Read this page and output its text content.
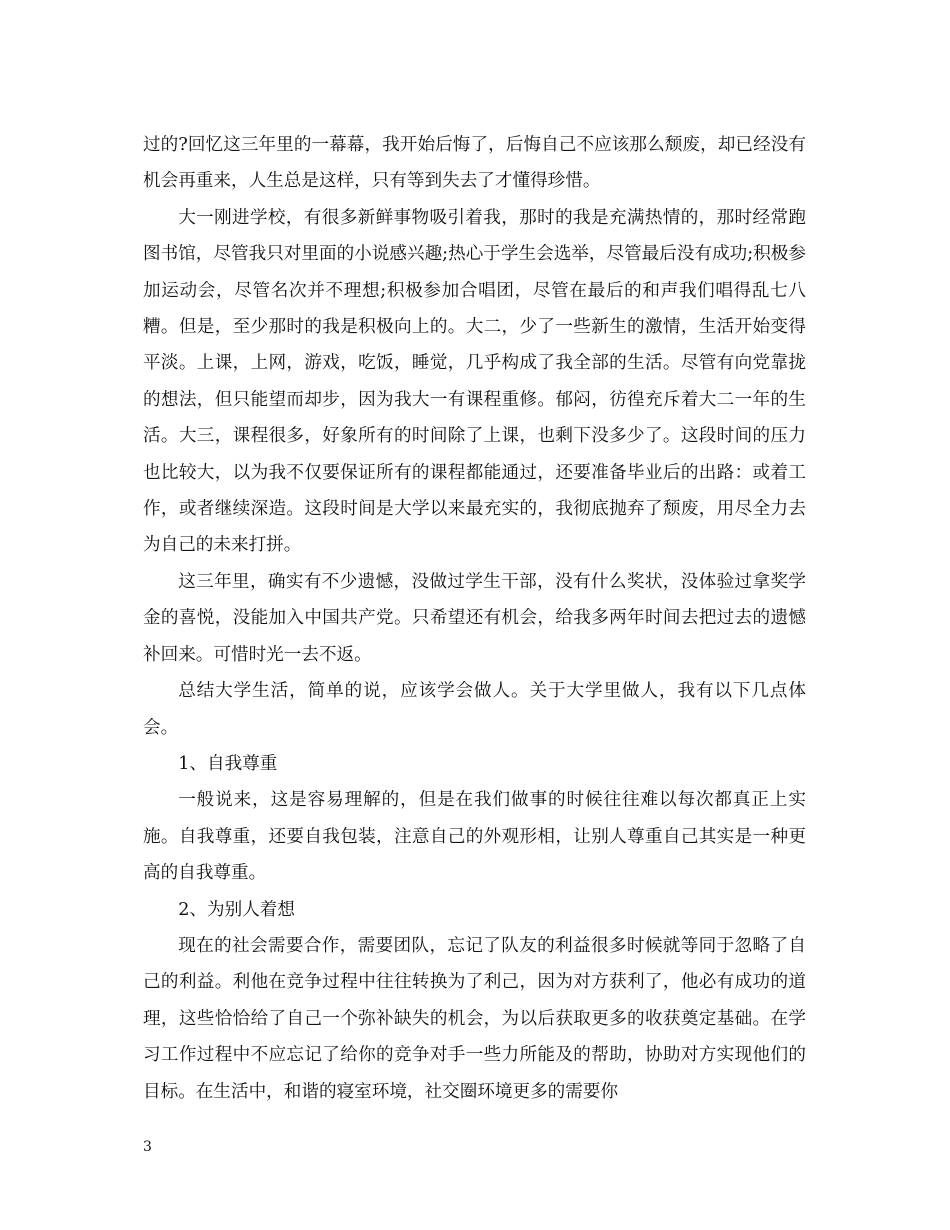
过的?回忆这三年里的一幕幕，我开始后悔了，后悔自己不应该那么颓废，却已经没有机会再重来，人生总是这样，只有等到失去了才懂得珍惜。

大一刚进学校，有很多新鲜事物吸引着我，那时的我是充满热情的，那时经常跑图书馆，尽管我只对里面的小说感兴趣;热心于学生会选举，尽管最后没有成功;积极参加运动会，尽管名次并不理想;积极参加合唱团，尽管在最后的和声我们唱得乱七八糟。但是，至少那时的我是积极向上的。大二，少了一些新生的激情，生活开始变得平淡。上课，上网，游戏，吃饭，睡觉，几乎构成了我全部的生活。尽管有向党靠拢的想法，但只能望而却步，因为我大一有课程重修。郁闷，彷徨充斥着大二一年的生活。大三，课程很多，好象所有的时间除了上课，也剩下没多少了。这段时间的压力也比较大，以为我不仅要保证所有的课程都能通过，还要准备毕业后的出路：或着工作，或者继续深造。这段时间是大学以来最充实的，我彻底抛弃了颓废，用尽全力去为自己的未来打拼。

这三年里，确实有不少遗憾，没做过学生干部，没有什么奖状，没体验过拿奖学金的喜悦，没能加入中国共产党。只希望还有机会，给我多两年时间去把过去的遗憾补回来。可惜时光一去不返。

总结大学生活，简单的说，应该学会做人。关于大学里做人，我有以下几点体会。

1、自我尊重

一般说来，这是容易理解的，但是在我们做事的时候往往难以每次都真正上实施。自我尊重，还要自我包装，注意自己的外观形相，让别人尊重自己其实是一种更高的自我尊重。

2、为别人着想

现在的社会需要合作，需要团队，忘记了队友的利益很多时候就等同于忽略了自己的利益。利他在竞争过程中往往转换为了利己，因为对方获利了，他必有成功的道理，这些恰恰给了自己一个弥补缺失的机会，为以后获取更多的收获奠定基础。在学习工作过程中不应忘记了给你的竞争对手一些力所能及的帮助，协助对方实现他们的目标。在生活中，和谐的寝室环境，社交圈环境更多的需要你

3
